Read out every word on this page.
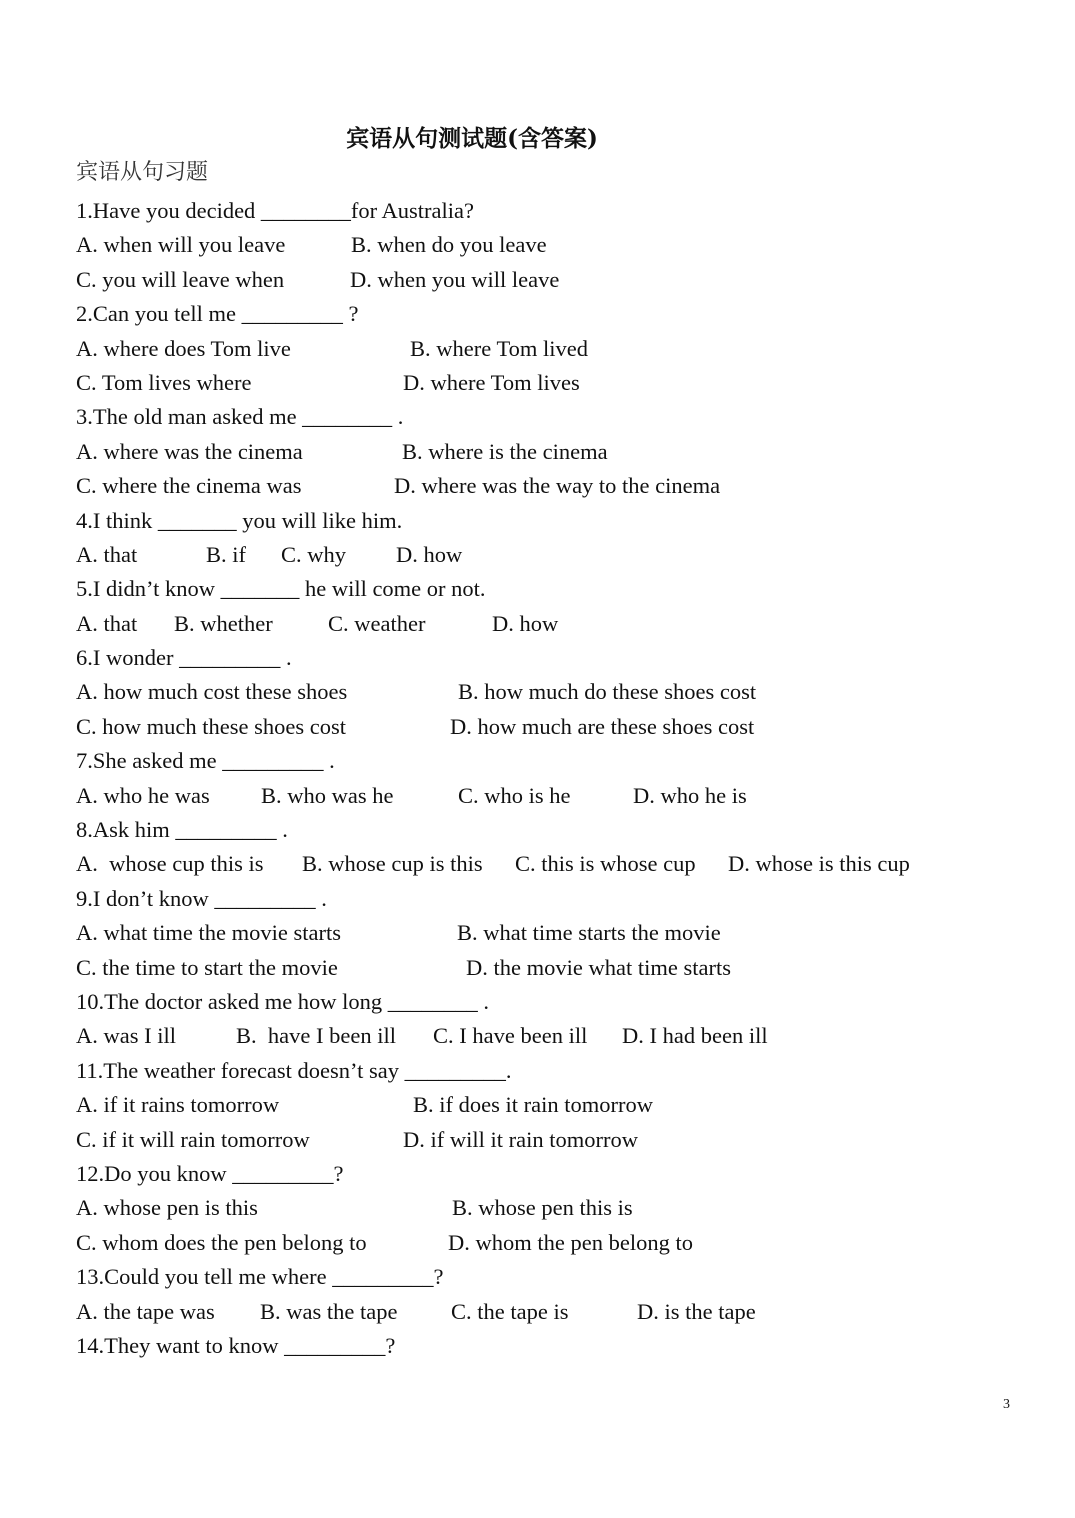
宾语从句测试题(含答案)
宾语从句习题
1.Have you decided ________for Australia?
A. when will you leave	B. when do you leave
C. you will leave when	D. when you will leave
2.Can you tell me _________ ?
A. where does Tom live	B. where Tom lived
C. Tom lives where	D. where Tom lives
3.The old man asked me ________ .
A. where was the cinema	B. where is the cinema
C. where the cinema was	D. where was the way to the cinema
4.I think _______ you will like him.
A. that	B. if C. why D. how
5.I didn’t know _______ he will come or not.
A. that B. whether C. weather	D. how
6.I wonder _________ .
A. how much cost these shoes	B. how much do these shoes cost
C. how much these shoes cost	D. how much are these shoes cost
7.She asked me _________ .
A. who he was B. who was he	C. who is he	D. who he is
8.Ask him _________ .
A.  whose cup this is B. whose cup is this C. this is whose cup D. whose is this cup
9.I don’t know _________ .
A. what time the movie starts	B. what time starts the movie
C. the time to start the movie	D. the movie what time starts
10.The doctor asked me how long ________ .
A. was I ill	B.  have I been ill C. I have been ill D. I had been ill
11.The weather forecast doesn’t say _________.
A. if it rains tomorrow	B. if does it rain tomorrow
C. if it will rain tomorrow	D. if will it rain tomorrow
12.Do you know _________?
A. whose pen is this	B. whose pen this is
C. whom does the pen belong to	D. whom the pen belong to
13.Could you tell me where _________?
A. the tape was B. was the tape C. the tape is	D. is the tape
14.They want to know _________?
3
